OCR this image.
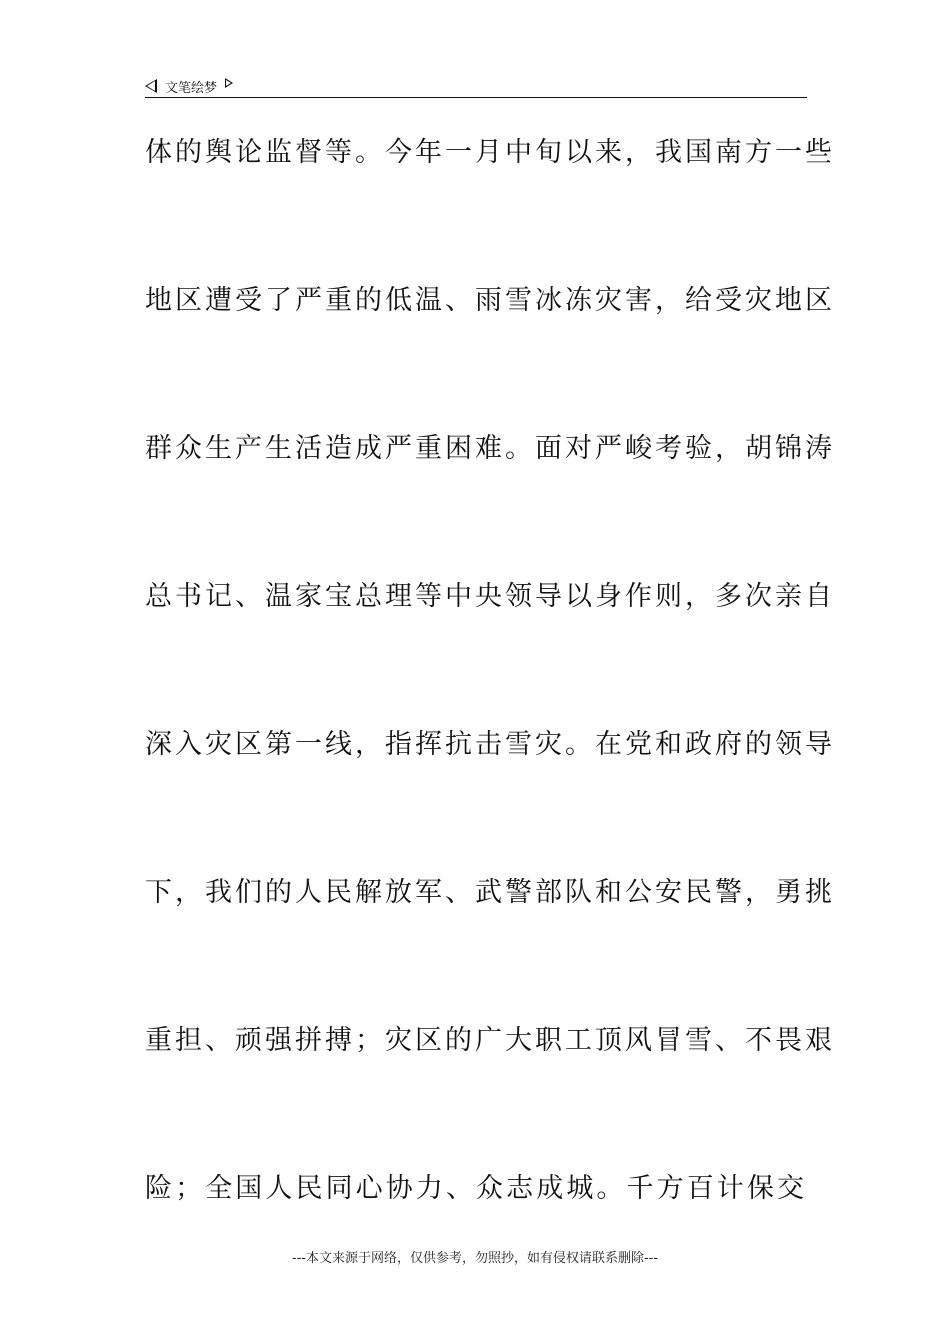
文笔绘梦
体的舆论监督等。今年一月中旬以来，我国南方一些
地区遭受了严重的低温、雨雪冰冻灾害，给受灾地区
群众生产生活造成严重困难。面对严峻考验，胡锦涛
总书记、温家宝总理等中央领导以身作则，多次亲自
深入灾区第一线，指挥抗击雪灾。在党和政府的领导
下，我们的人民解放军、武警部队和公安民警，勇挑
重担、顽强拼搏；灾区的广大职工顶风冒雪、不畏艰
险；全国人民同心协力、众志成城。千方百计保交
---本文来源于网络，仅供参考，勿照抄，如有侵权请联系删除---
